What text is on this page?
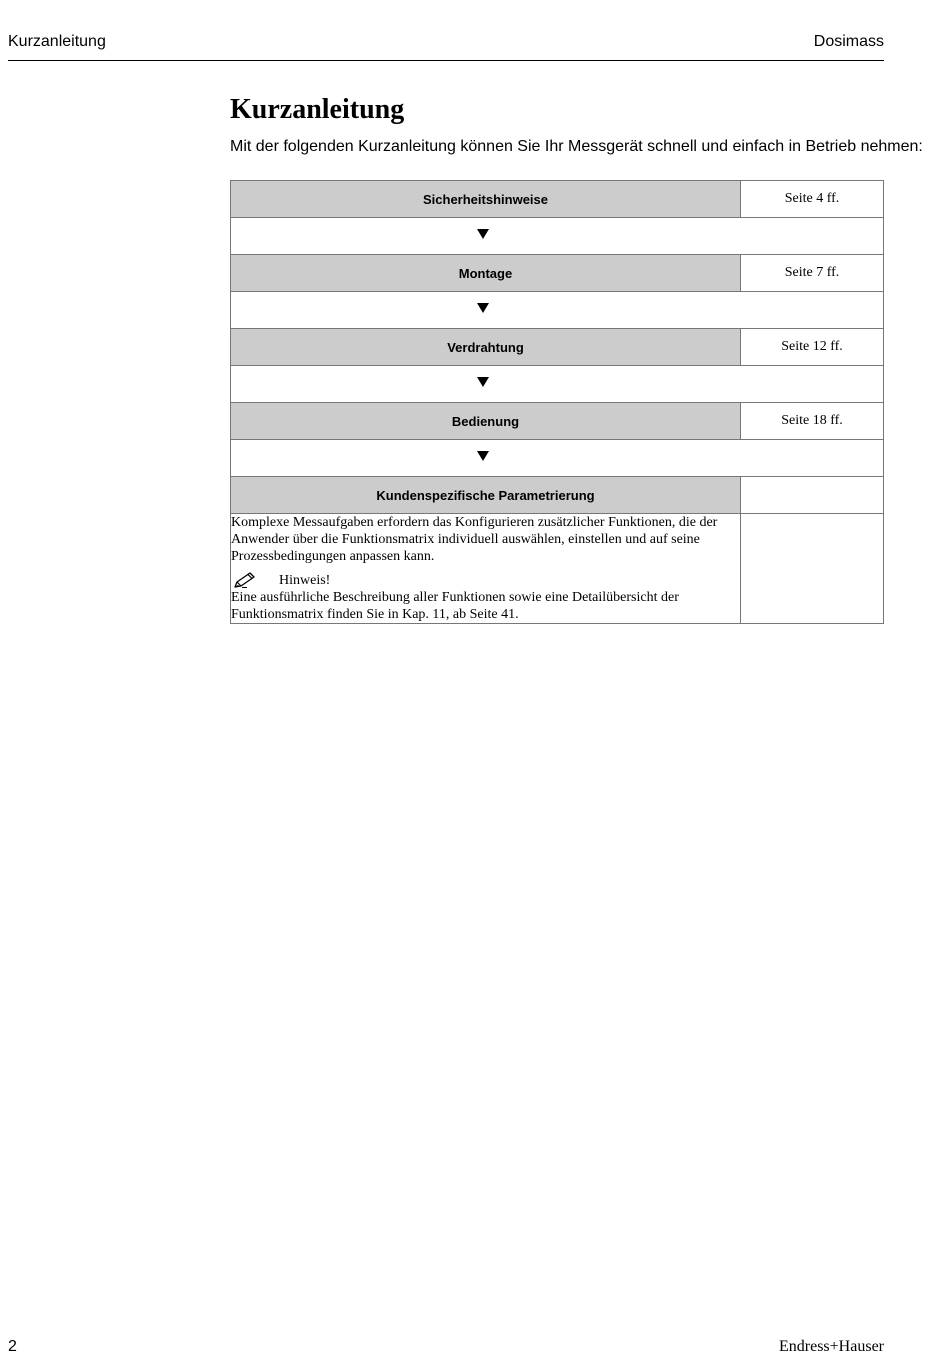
Kurzanleitung	Dosimass
Kurzanleitung

Mit der folgenden Kurzanleitung können Sie Ihr Messgerät schnell und einfach in Betrieb nehmen:

Sicherheitshinweise	Seite 4 ff.

Montage	Seite 7 ff.

Verdrahtung	Seite 12 ff.

Bedienung	Seite 18 ff.

Kundenspezifische Parametrierung	

Komplexe Messaufgaben erfordern das Konfigurieren zusätzlicher Funktionen, die der Anwender über die Funktionsmatrix individuell auswählen, einstellen und auf seine Prozessbedingungen anpassen kann.

Hinweis!

Eine ausführliche Beschreibung aller Funktionen sowie eine Detailübersicht der Funktionsmatrix finden Sie in Kap. 11, ab Seite 41.	

2	Endress+Hauser
